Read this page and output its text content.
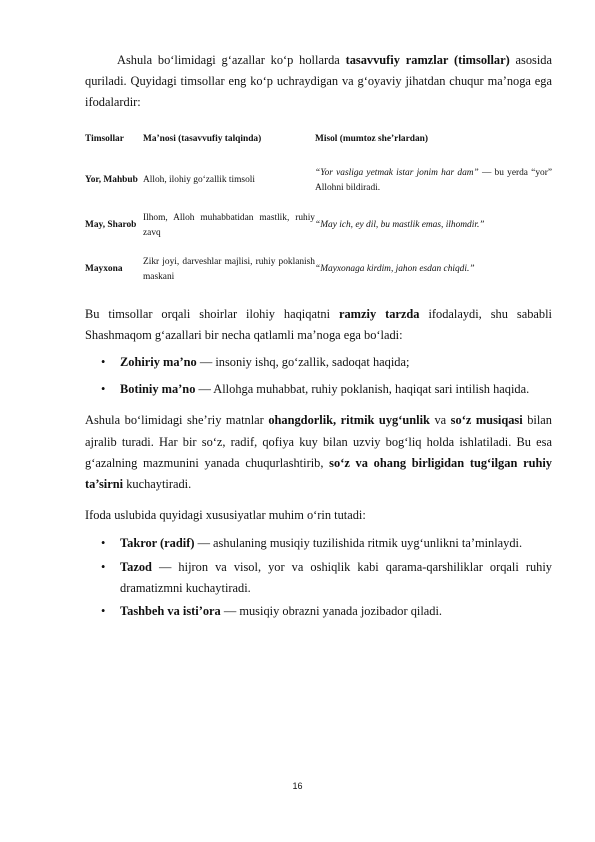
Ashula bo‘limidagi g‘azallar ko‘p hollarda tasavvufiy ramzlar (timsollar) asosida quriladi. Quyidagi timsollar eng ko‘p uchraydigan va g‘oyaviy jihatdan chuqur ma’noga ega ifodalardir:

Timsollar	Ma’nosi (tasavvufiy talqinda)	Misol (mumtoz she’rlardan)
Yor, Mahbub	Alloh, ilohiy go‘zallik timsoli	“Yor vasliga yetmak istar jonim har dam” — bu yerda “yor” Allohni bildiradi.
May, Sharob	Ilhom, Alloh muhabbatidan mastlik, ruhiy zavq	“May ich, ey dil, bu mastlik emas, ilhomdir.”
Mayxona	Zikr joyi, darveshlar majlisi, ruhiy poklanish maskani	“Mayxonaga kirdim, jahon esdan chiqdi.”

Bu timsollar orqali shoirlar ilohiy haqiqatni ramziy tarzda ifodalaydi, shu sababli Shashmaqom g‘azallari bir necha qatlamli ma’noga ega bo‘ladi:

• Zohiriy ma’no — insoniy ishq, go‘zallik, sadoqat haqida;
• Botiniy ma’no — Allohga muhabbat, ruhiy poklanish, haqiqat sari intilish haqida.

Ashula bo‘limidagi she’riy matnlar ohangdorlik, ritmik uyg‘unlik va so‘z musiqasi bilan ajralib turadi. Har bir so‘z, radif, qofiya kuy bilan uzviy bog‘liq holda ishlatiladi. Bu esa g‘azalning mazmunini yanada chuqurlashtirib, so‘z va ohang birligidan tug‘ilgan ruhiy ta’sirni kuchaytiradi.

Ifoda uslubida quyidagi xususiyatlar muhim o‘rin tutadi:

• Takror (radif) — ashulaning musiqiy tuzilishida ritmik uyg‘unlikni ta’minlaydi.
• Tazod — hijron va visol, yor va oshiqlik kabi qarama-qarshiliklar orqali ruhiy dramatizmni kuchaytiradi.
• Tashbeh va isti’ora — musiqiy obrazni yanada jozibador qiladi.
16
